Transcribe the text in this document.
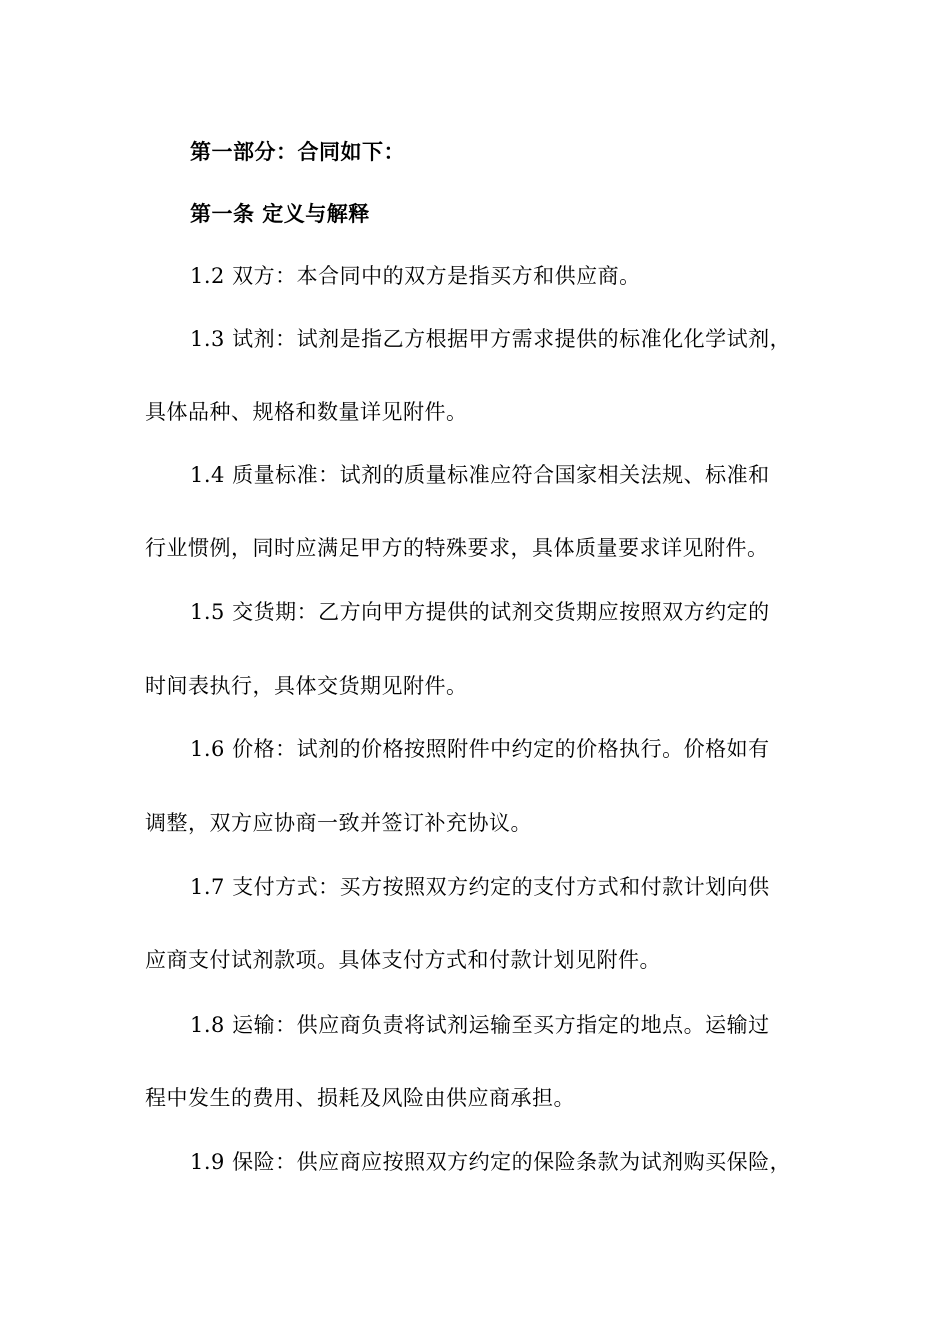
第一部分：合同如下：
第一条 定义与解释
1.2 双方：本合同中的双方是指买方和供应商。
1.3 试剂：试剂是指乙方根据甲方需求提供的标准化化学试剂，
具体品种、规格和数量详见附件。
1.4 质量标准：试剂的质量标准应符合国家相关法规、标准和
行业惯例，同时应满足甲方的特殊要求，具体质量要求详见附件。
1.5 交货期：乙方向甲方提供的试剂交货期应按照双方约定的
时间表执行，具体交货期见附件。
1.6 价格：试剂的价格按照附件中约定的价格执行。价格如有
调整，双方应协商一致并签订补充协议。
1.7 支付方式：买方按照双方约定的支付方式和付款计划向供
应商支付试剂款项。具体支付方式和付款计划见附件。
1.8 运输：供应商负责将试剂运输至买方指定的地点。运输过
程中发生的费用、损耗及风险由供应商承担。
1.9 保险：供应商应按照双方约定的保险条款为试剂购买保险，
